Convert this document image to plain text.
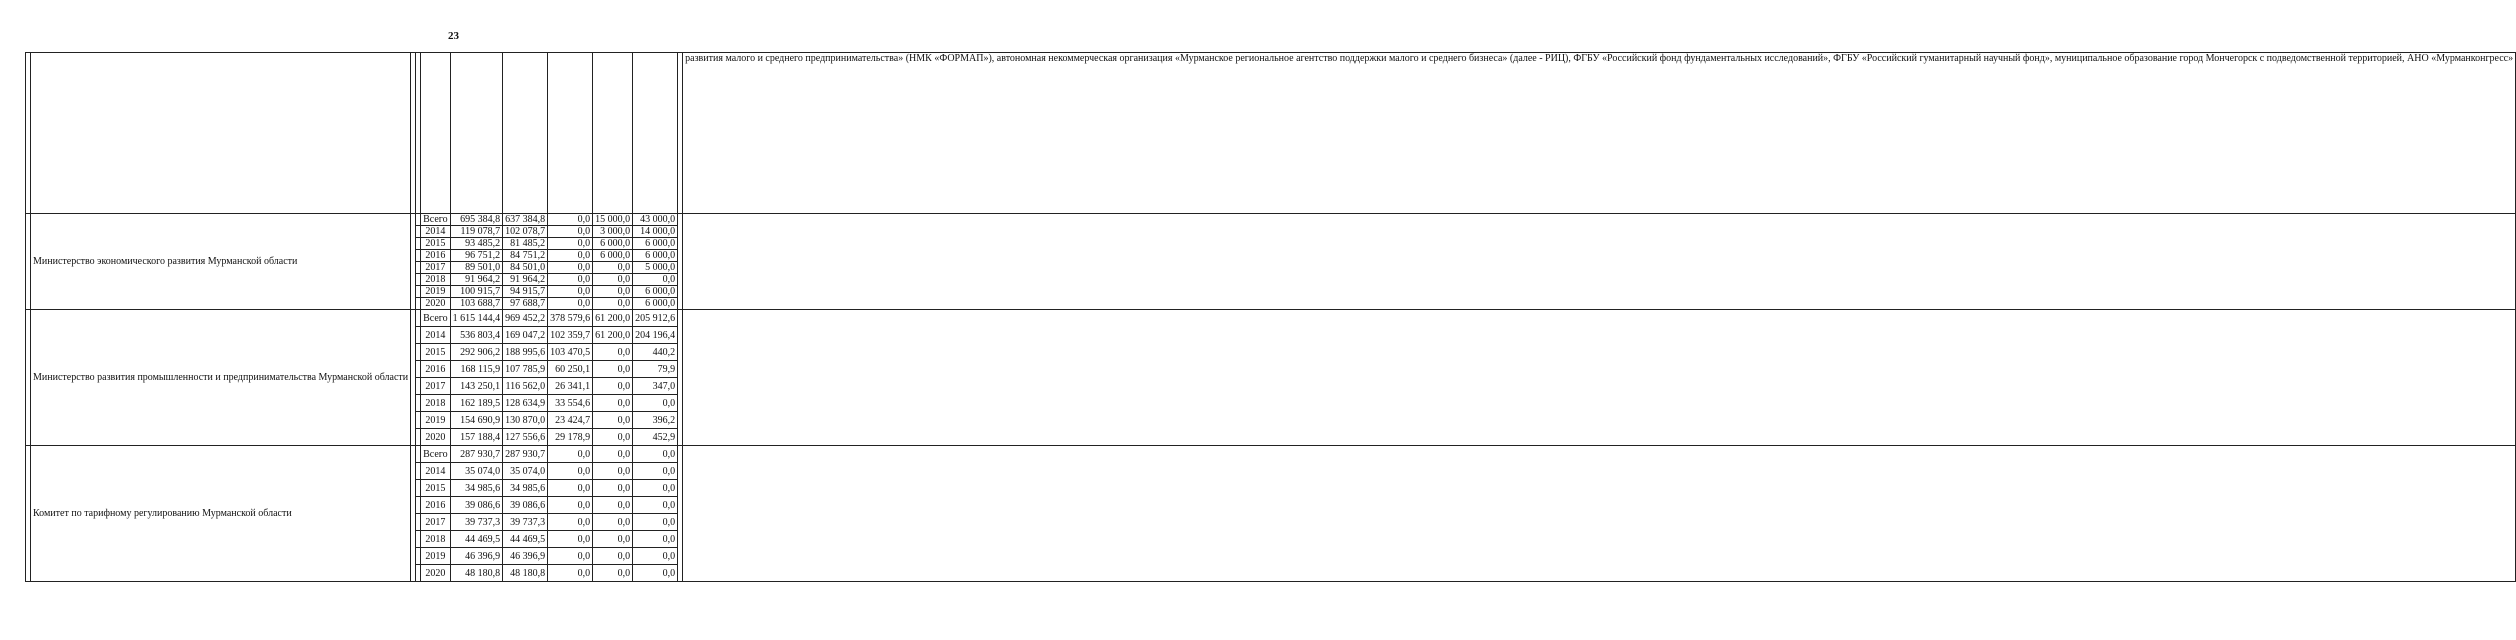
23
											развития малого и среднего предпринимательства» (НМК «ФОРМАП»), автономная некоммерческая организация «Мурманское региональное агентство поддержки малого и среднего бизнеса» (далее - РИЦ), ФГБУ «Российский фонд фундаментальных исследований», ФГБУ «Российский гуманитарный научный фонд», муниципальное образование город Мончегорск с подведомственной территорией, АНО «Мурманконгресс»
	Министерство экономического развития Мурманской области			Всего	695 384,8	637 384,8	0,0	15 000,0	43 000,0		
				2014	119 078,7	102 078,7	0,0	3 000,0	14 000,0		
				2015	93 485,2	81 485,2	0,0	6 000,0	6 000,0		
				2016	96 751,2	84 751,2	0,0	6 000,0	6 000,0		
				2017	89 501,0	84 501,0	0,0	0,0	5 000,0		
				2018	91 964,2	91 964,2	0,0	0,0	0,0		
				2019	100 915,7	94 915,7	0,0	0,0	6 000,0		
				2020	103 688,7	97 688,7	0,0	0,0	6 000,0		
	Министерство развития промышленности и предпринимательства Мурманской области			Всего	1 615 144,4	969 452,2	378 579,6	61 200,0	205 912,6		
				2014	536 803,4	169 047,2	102 359,7	61 200,0	204 196,4		
				2015	292 906,2	188 995,6	103 470,5	0,0	440,2		
				2016	168 115,9	107 785,9	60 250,1	0,0	79,9		
				2017	143 250,1	116 562,0	26 341,1	0,0	347,0		
				2018	162 189,5	128 634,9	33 554,6	0,0	0,0		
				2019	154 690,9	130 870,0	23 424,7	0,0	396,2		
				2020	157 188,4	127 556,6	29 178,9	0,0	452,9		
	Комитет по тарифному регулированию Мурманской области			Всего	287 930,7	287 930,7	0,0	0,0	0,0		
				2014	35 074,0	35 074,0	0,0	0,0	0,0		
				2015	34 985,6	34 985,6	0,0	0,0	0,0		
				2016	39 086,6	39 086,6	0,0	0,0	0,0		
				2017	39 737,3	39 737,3	0,0	0,0	0,0		
				2018	44 469,5	44 469,5	0,0	0,0	0,0		
				2019	46 396,9	46 396,9	0,0	0,0	0,0		
				2020	48 180,8	48 180,8	0,0	0,0	0,0		
